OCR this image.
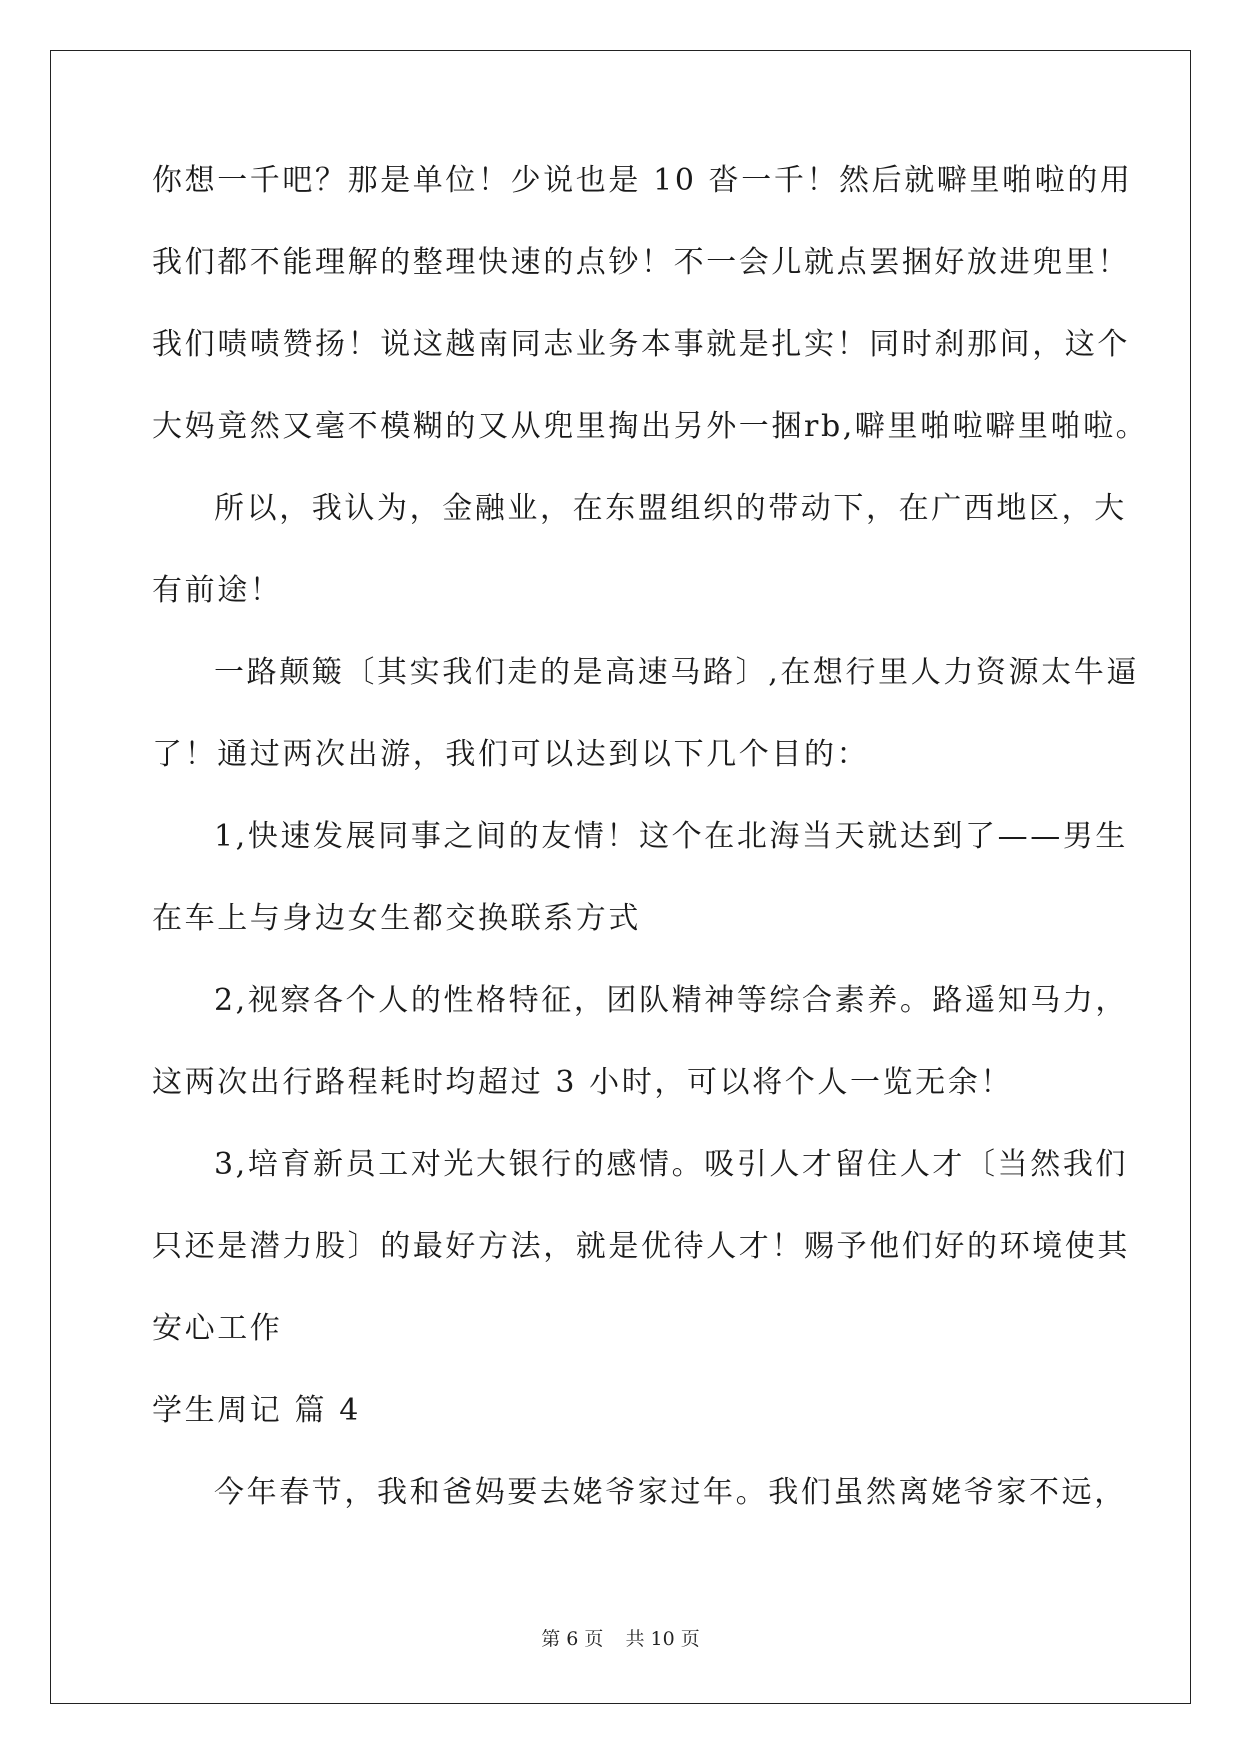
你想一千吧？那是单位！少说也是 10 沓一千！然后就噼里啪啦的用
我们都不能理解的整理快速的点钞！不一会儿就点罢捆好放进兜里！
我们啧啧赞扬！说这越南同志业务本事就是扎实！同时刹那间，这个
大妈竟然又毫不模糊的又从兜里掏出另外一捆rb,噼里啪啦噼里啪啦。
所以，我认为，金融业，在东盟组织的带动下，在广西地区，大
有前途！
一路颠簸〔其实我们走的是高速马路〕,在想行里人力资源太牛逼
了！通过两次出游，我们可以达到以下几个目的：
1,快速发展同事之间的友情！这个在北海当天就达到了——男生
在车上与身边女生都交换联系方式
2,视察各个人的性格特征，团队精神等综合素养。路遥知马力，
这两次出行路程耗时均超过 3 小时，可以将个人一览无余！
3,培育新员工对光大银行的感情。吸引人才留住人才〔当然我们
只还是潜力股〕的最好方法，就是优待人才！赐予他们好的环境使其
安心工作
学生周记 篇 4
今年春节，我和爸妈要去姥爷家过年。我们虽然离姥爷家不远，
第 6 页 共 10 页
